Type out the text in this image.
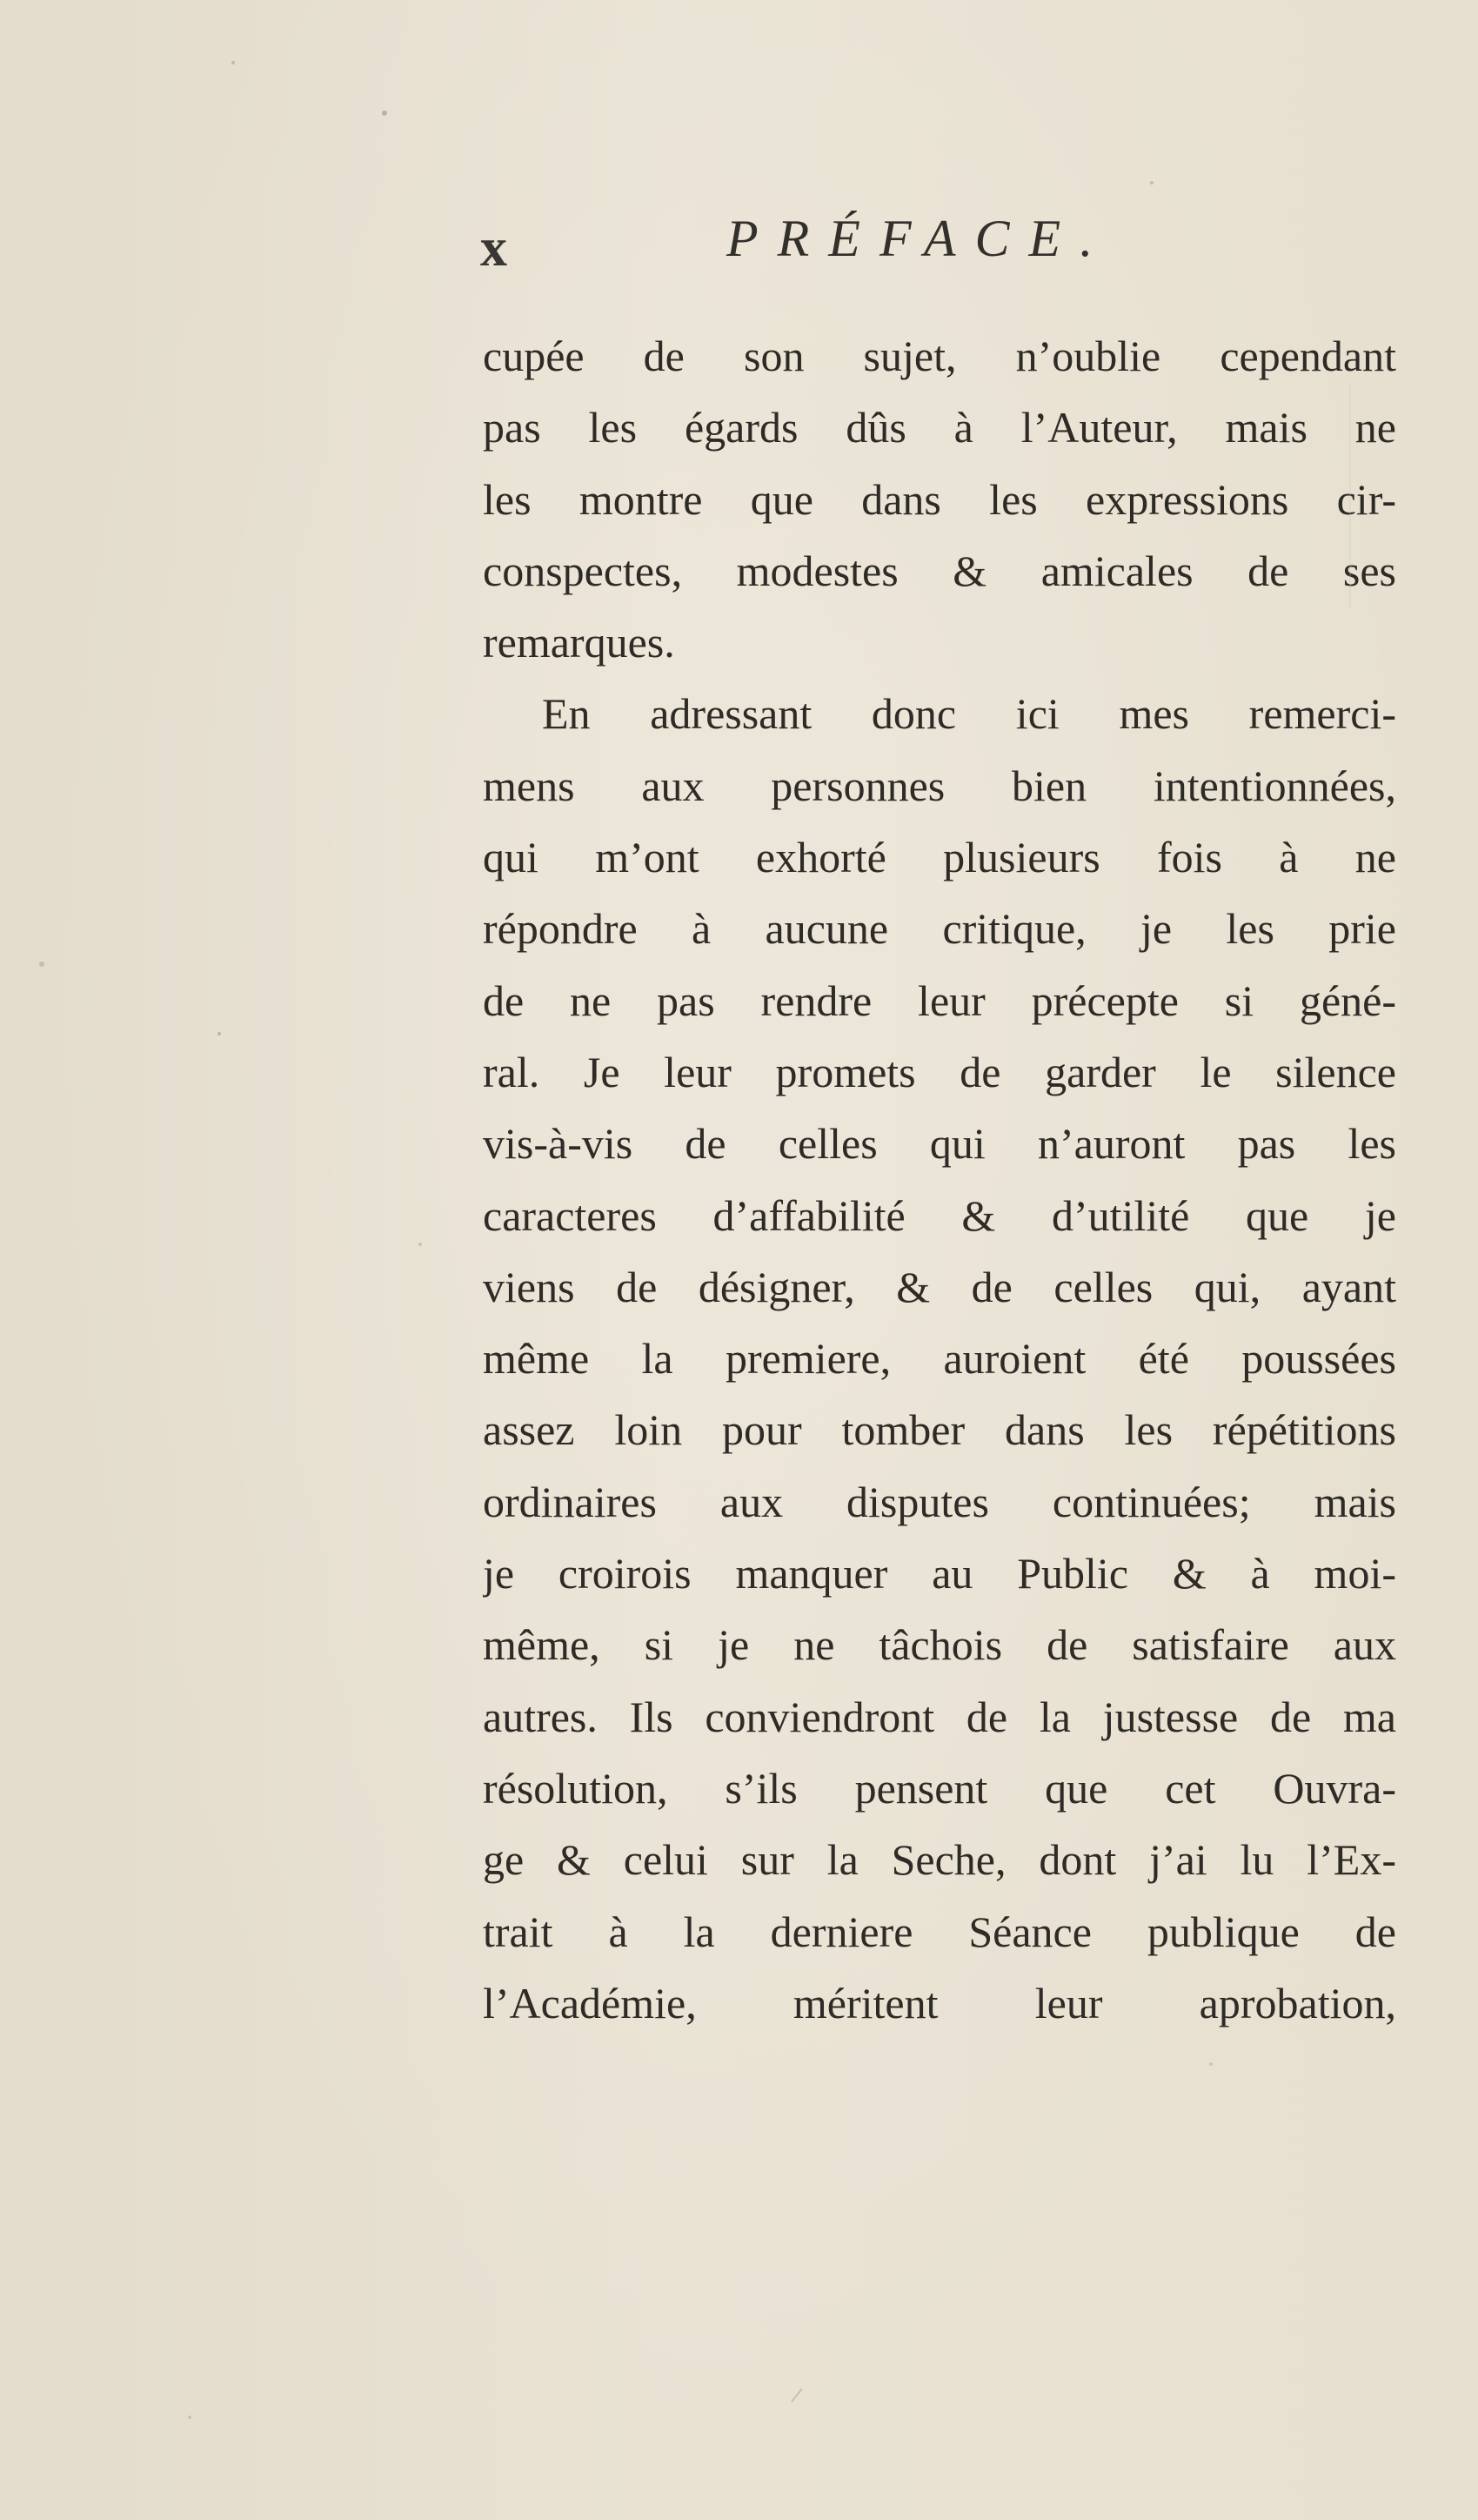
x	PRÉFACE.
cupée de son sujet, n’oublie cependant
pas les égards dûs à l’Auteur, mais ne
les montre que dans les expressions cir-
conspectes, modestes & amicales de ses
remarques.
En adressant donc ici mes remerci-
mens aux personnes bien intentionnées,
qui m’ont exhorté plusieurs fois à ne
répondre à aucune critique, je les prie
de ne pas rendre leur précepte si géné-
ral. Je leur promets de garder le silence
vis-à-vis de celles qui n’auront pas les
caracteres d’affabilité & d’utilité que je
viens de désigner, & de celles qui, ayant
même la premiere, auroient été poussées
assez loin pour tomber dans les répétitions
ordinaires aux disputes continuées; mais
je croirois manquer au Public & à moi-
même, si je ne tâchois de satisfaire aux
autres. Ils conviendront de la justesse de ma
résolution, s’ils pensent que cet Ouvra-
ge & celui sur la Seche, dont j’ai lu l’Ex-
trait à la derniere Séance publique de
l’Académie, méritent leur aprobation,
